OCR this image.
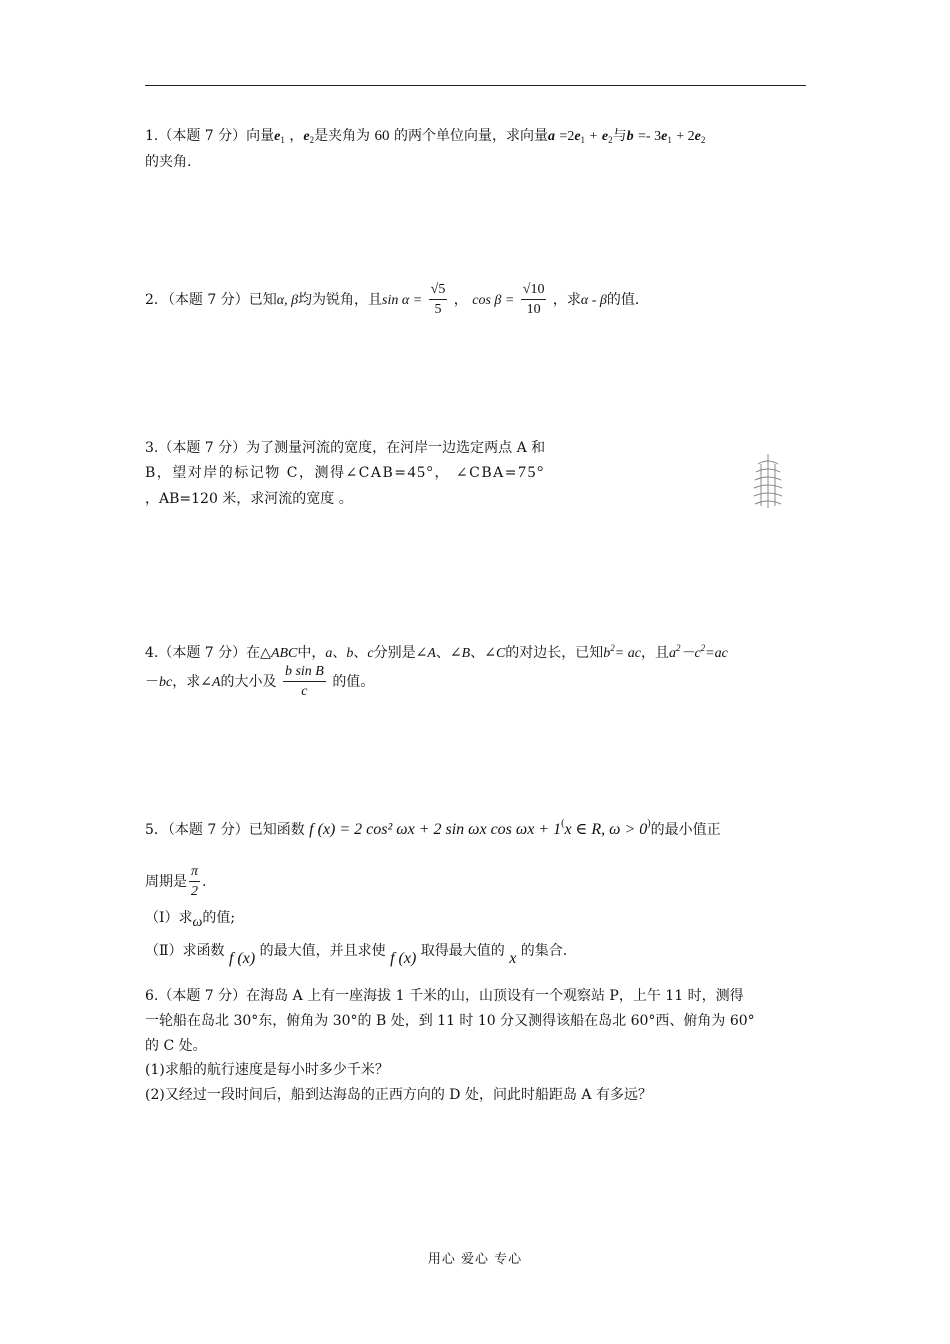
1.（本题 7 分）向量$e_1$ ，$e_2$是夹角为 60 的两个单位向量，求向量$a =2e_1 + e_2$与$b =- 3e_1 + 2e_2$
的夹角.
2．（本题 7 分）已知α, β均为锐角，且$\sin \alpha = \frac{√5}{5}$ ， $\cos \beta = \frac{√10}{10}$ ，求α - β的值.
3.（本题 7 分）为了测量河流的宽度，在河岸一边选定两点 A 和
B，望对岸的标记物 C，测得∠CAB=45°， ∠CBA=75°
，AB=120 米，求河流的宽度 。
4.（本题 7 分）在△ABC中，a、b、c分别是∠A、∠B、∠C的对边长，已知$b^2=$ ac，且$a^2-c^2=ac$
－bc，求∠A的大小及 $\frac{\text{b sin B}}{c}$ 的值。
5．（本题 7 分）已知函数 f (x) = 2 cos² ωx + 2 sin ωx cos ωx + 1(x ∈ R, ω > 0)的最小值正
周期是 $\frac{\pi}{2}$ .
（Ⅰ）求ω的值;
（Ⅱ）求函数 f (x) 的最大值，并且求使 f (x) 取得最大值的 x 的集合.
6.（本题 7 分）在海岛 A 上有一座海拔 1 千米的山，山顶设有一个观察站 P，上午 11 时，测得
一轮船在岛北 30°东，俯角为 30°的 B 处，到 11 时 10 分又测得该船在岛北 60°西、俯角为 60°
的 C 处。
(1)求船的航行速度是每小时多少千米？
(2)又经过一段时间后，船到达海岛的正西方向的 D 处，问此时船距岛 A 有多远？
用心 爱心 专心
